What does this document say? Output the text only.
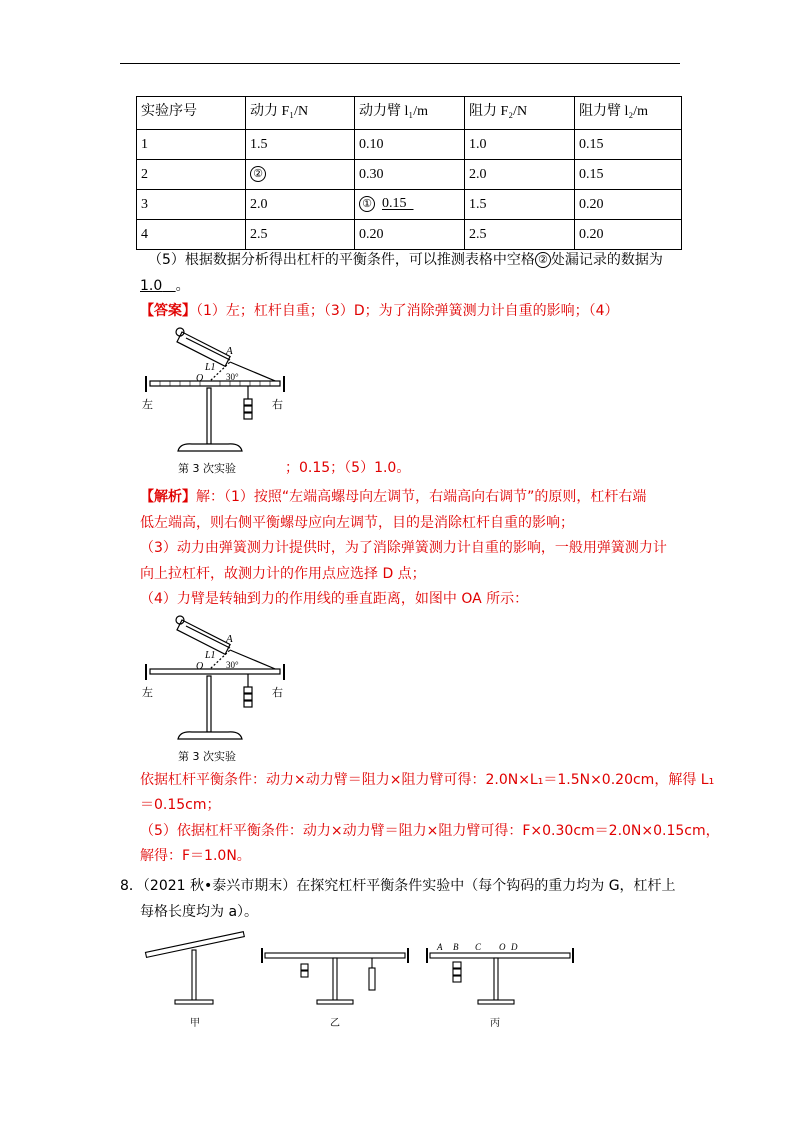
实验序号	动力 F₁/N	动力臂 l₁/m	阻力 F₂/N	阻力臂 l₂/m
1	1.5	0.10	1.0	0.15
2	②	0.30	2.0	0.15
3	2.0	① 0.15	1.5	0.20
4	2.5	0.20	2.5	0.20
（5）根据数据分析得出杠杆的平衡条件，可以推测表格中空格 ② 处漏记录的数据为
1.0 。
【答案】（1）左；杠杆自重；（3）D；为了消除弹簧测力计自重的影响；（4）
A
L1
O	30°
左	右
第 3 次实验	；0.15；（5）1.0。
【解析】解：（1）按照“左端高螺母向左调节，右端高向右调节”的原则，杠杆右端
低左端高，则右侧平衡螺母应向左调节，目的是消除杠杆自重的影响；
（3）动力由弹簧测力计提供时，为了消除弹簧测力计自重的影响，一般用弹簧测力计
向上拉杠杆，故测力计的作用点应选择 D 点；
（4）力臂是转轴到力的作用线的垂直距离，如图中 OA 所示：
A
L1
O	30°
左	右
第 3 次实验
依据杠杆平衡条件：动力×动力臂＝阻力×阻力臂可得：2.0N×L₁＝1.5N×0.20cm，解得 L₁
＝0.15cm；
（5）依据杠杆平衡条件：动力×动力臂＝阻力×阻力臂可得：F×0.30cm＝2.0N×0.15cm，
解得：F＝1.0N。
8．（2021 秋•泰兴市期末）在探究杠杆平衡条件实验中（每个钩码的重力均为 G，杠杆上
每格长度均为 a）。
A B C O D
甲	乙	丙
